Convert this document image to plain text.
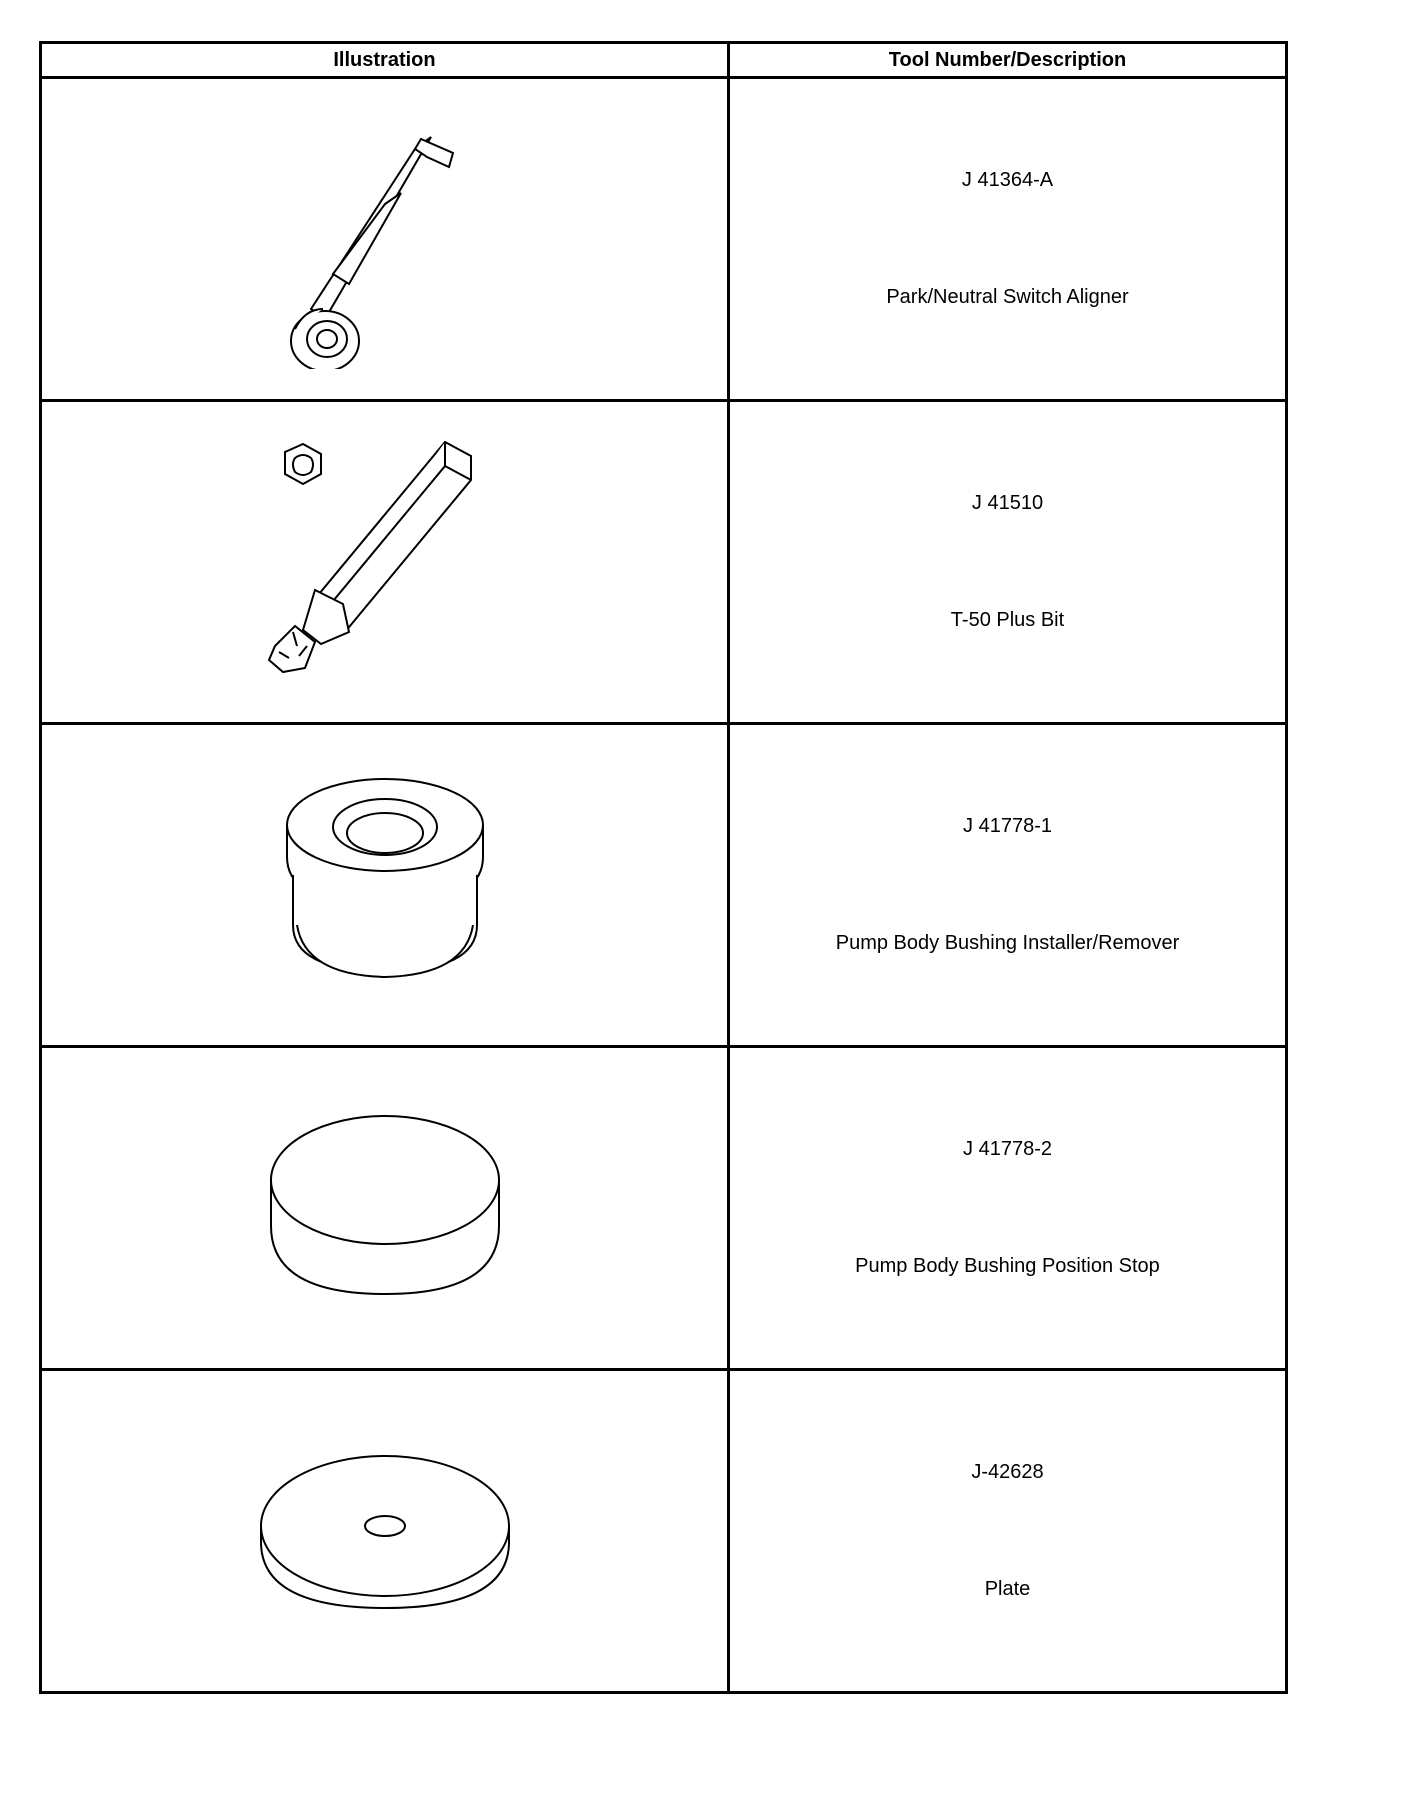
Illustration	Tool Number/Description

J 41364-A
Park/Neutral Switch Aligner

J 41510
T-50 Plus Bit

J 41778-1
Pump Body Bushing Installer/Remover

J 41778-2
Pump Body Bushing Position Stop

J-42628
Plate
